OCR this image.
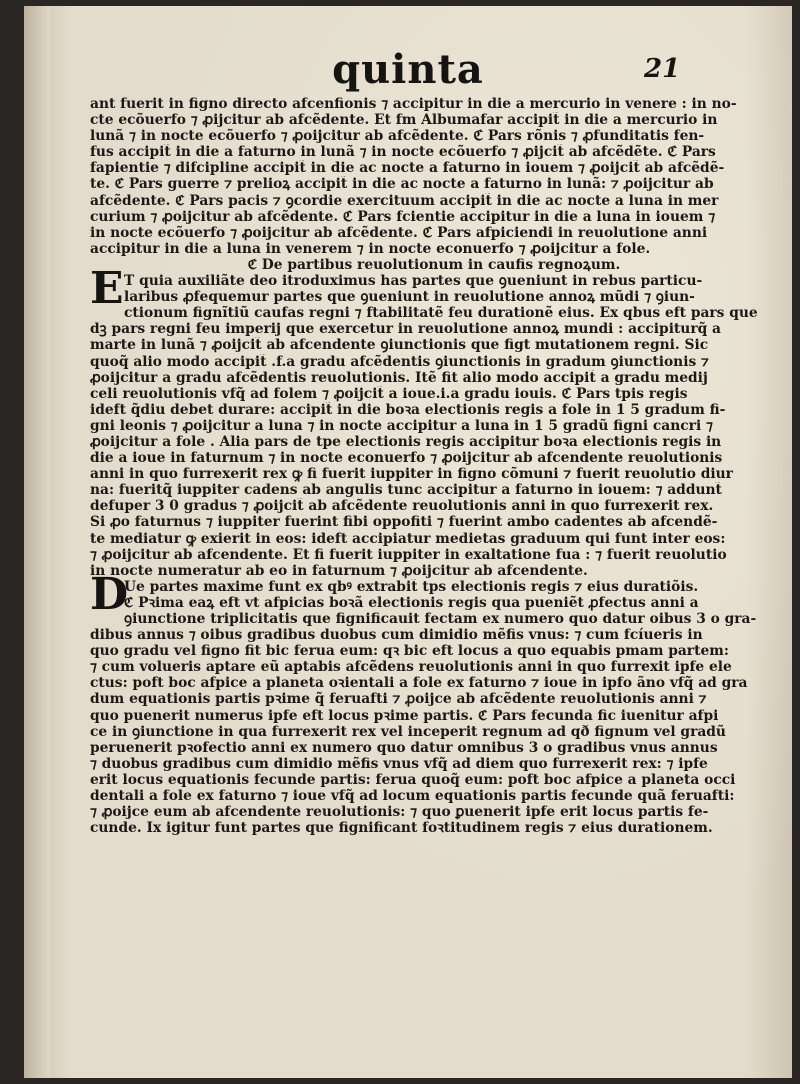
quinta	21
ant fuerit in figno directo afcenfionis ⁊ accipitur in die a mercurio in venere : in no-
cte ecõuerfo ⁊ ꝓijcitur ab afcẽdente. Et fm Albumafar accipit̃ in die a mercurio in
lunã ⁊ in nocte ecõuerfo ⁊ ꝓoijcitur ab afcẽdente. ℭ Pars rõnis ⁊ ꝓfunditatis fen-
fus accipit̃ in die a faturno in lunã ⁊ in nocte ecõuerfo ⁊ ꝓijcit̃ ab afcẽdẽte. ℭ Pars
fapientie ⁊ difcipline accipit̃ in die ac nocte a faturno in iouem ⁊ ꝓoijcit̃ ab afcẽdẽ-
te. ℭ Pars guerre ⁊ prelioꝝ accipit̃ in die ac nocte a faturno in lunã: ⁊ ꝓoijcitur ab
afcẽdente. ℭ Pars pacis ⁊ ꝯcordie exercituum accipit̃ in die ac nocte a luna in mer
curium ⁊ ꝓoijcitur ab afcẽdente. ℭ Pars fcientie accipitur in die a luna in iouem ⁊
in nocte ecõuerfo ⁊ ꝓoijcitur ab afcẽdente. ℭ Pars afpiciendi in reuolutione anni
accipitur in die a luna in venerem ⁊ in nocte econuerfo ⁊ ꝓoijcitur a fole.
ℭ De partibus reuolutionum in caufis regnoꝝum.
E T quia auxiliãte deo itroduximus has partes que ꝯueniunt in rebus particu-
laribus ꝓfequemur partes que ꝯueniunt in reuolutione annoꝝ mũdi ⁊ ꝯiun-
ctionum fignĩtiũ caufas regni ⁊ ftabilitatẽ feu durationẽ eius. Ex qbus eft pars que
dꝫ pars regni feu imperij que exercetur in reuolutione annoꝝ mundi : accipiturq̃ a
marte in lunã ⁊ ꝓoijcit̃ ab afcendente ꝯiunctionis que figt mutationem regni. Sic
quoq̃ alio modo accipit̃ .f.a gradu afcẽdentis ꝯiunctionis in gradum ꝯiunctionis ⁊
ꝓoijcitur a gradu afcẽdentis reuolutionis. Itẽ fit alio modo accipit̃ a gradu medij
celi reuolutionis vfq̃ ad folem ⁊ ꝓoijcit̃ a ioue.i.a gradu iouis. ℭ Pars tpis regis
ideft q̃diu debet durare: accipit̃ in die boꝛa electionis regis a fole in 1 5 gradum fi-
gni leonis ⁊ ꝓoijcitur a luna ⁊ in nocte accipitur a luna in 1 5 gradũ figni cancri ⁊
ꝓoijcitur a fole . Alia pars de tpe electionis regis accipitur boꝛa electionis regis in
die a ioue in faturnum ⁊ in nocte econuerfo ⁊ ꝓoijcitur ab afcendente reuolutionis
anni in quo furrexerit rex ꝙ fi fuerit iuppiter in figno cõmuni ⁊ fuerit reuolutio diur
na: fueritq̃ iuppiter cadens ab angulis tunc accipitur a faturno in iouem: ⁊ addunt̃
defuper 3 0 gradus ⁊ ꝓoijcit̃ ab afcẽdente reuolutionis anni in quo furrexerit rex.
Si ꝓo faturnus ⁊ iuppiter fuerint fibi oppofiti ⁊ fuerint ambo cadentes ab afcendẽ-
te mediatur ꝙ exierit in eos: ideft accipiatur medietas graduum qui funt inter eos:
⁊ ꝓoijcitur ab afcendente. Et fi fuerit iuppiter in exaltatione fua : ⁊ fuerit reuolutio
in nocte numeratur ab eo in faturnum ⁊ ꝓoijcitur ab afcendente.
D
Ue partes maxime funt ex qbꝰ extrabit̃ tps electionis regis ⁊ eius duratiõis.
ℭ Pꝛima eaꝝ eft vt afpicias boꝛã electionis regis qua pueniẽt ꝓfectus anni a
ꝯiunctione triplicitatis que fignificauit fectam ex numero quo datur oibus 3 o gra-
dibus annus ⁊ oibus gradibus duobus cum dimidio mẽfis vnus: ⁊ cum fcíueris in
quo gradu vel figno fit bic ferua eum: qꝛ bic eft locus a quo equabis pmam partem:
⁊ cum volueris aptare eũ aptabis afcẽdens reuolutionis anni in quo furrexit ipfe ele
ctus: poft boc afpice a planeta oꝛientali a fole ex faturno ⁊ ioue in ipfo ãno vfq̃ ad gra
dum equationis partis pꝛime q̃ feruafti ⁊ ꝓoijce ab afcẽdente reuolutionis anni ⁊
quo puenerit numerus ipfe eft locus pꝛime partis. ℭ Pars fecunda fic iuenitur afpi
ce in ꝯiunctione in qua furrexerit rex vel inceperit regnum ad qð fignum vel gradũ
peruenerit pꝛofectio anni ex numero quo datur omnibus 3 o gradibus vnus annus
⁊ duobus gradibus cum dimidio mẽfis vnus vfq̃ ad diem quo furrexerit rex: ⁊ ipfe
erit locus equationis fecunde partis: ferua quoq̃ eum: poft boc afpice a planeta occi
dentali a fole ex faturno ⁊ ioue vfq̃ ad locum equationis partis fecunde quã feruafti:
⁊ ꝓoijce eum ab afcendente reuolutionis: ⁊ quo ꝑuenerit ipfe erit locus partis fe-
cunde. Ix igitur funt partes que fignificant foꝛtitudinem regis ⁊ eius durationem.
